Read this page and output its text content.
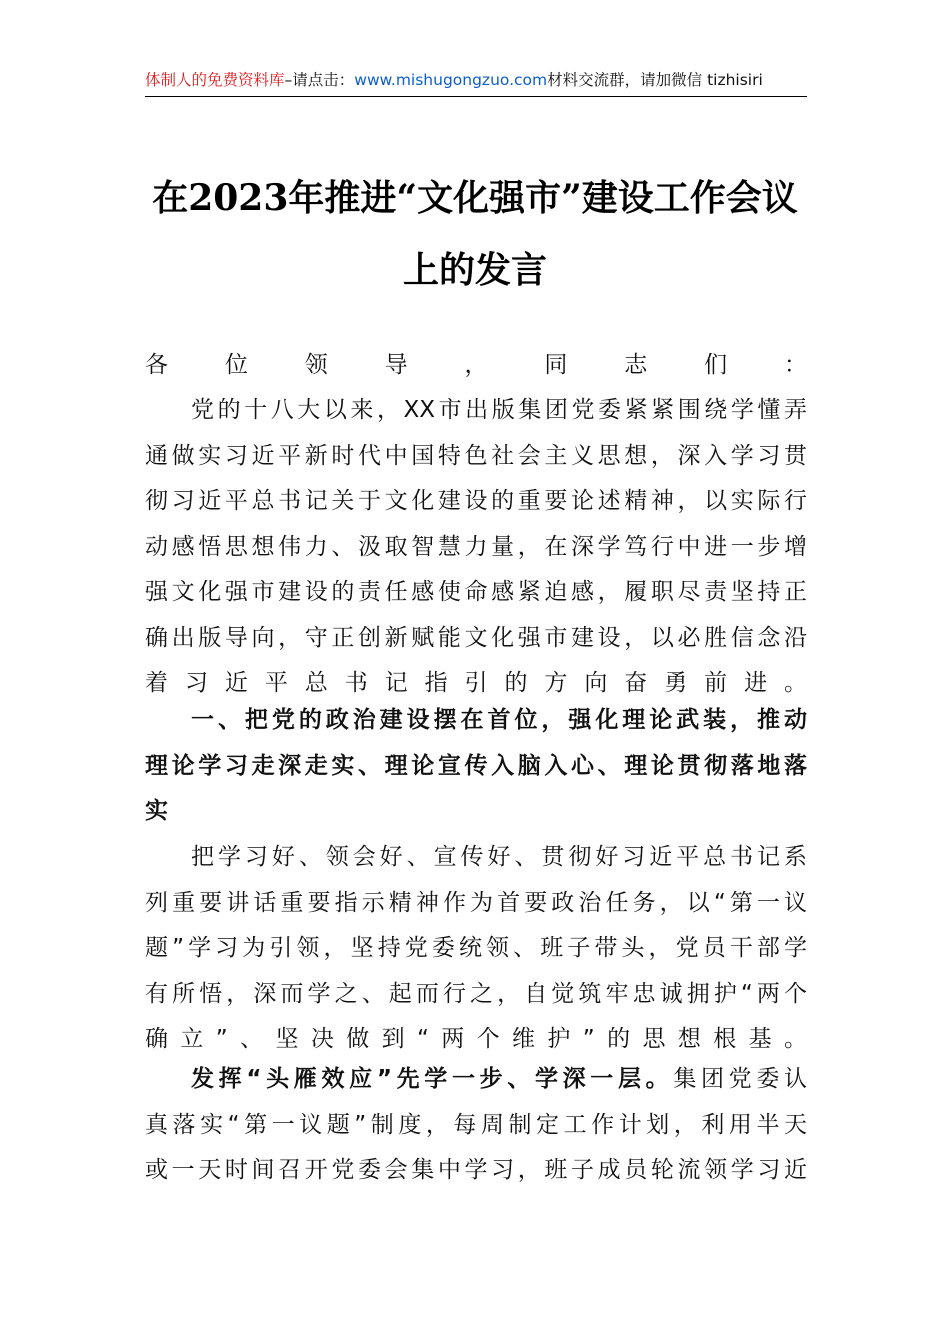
体制人的免费资料库–请点击：www.mishugongzuo.com材料交流群，请加微信 tizhisiri
在2023年推进“文化强市”建设工作会议
上的发言
各位领导，同志们：
党的十八大以来，XX市出版集团党委紧紧围绕学懂弄
通做实习近平新时代中国特色社会主义思想，深入学习贯
彻习近平总书记关于文化建设的重要论述精神，以实际行
动感悟思想伟力、汲取智慧力量，在深学笃行中进一步增
强文化强市建设的责任感使命感紧迫感，履职尽责坚持正
确出版导向，守正创新赋能文化强市建设，以必胜信念沿
着习近平总书记指引的方向奋勇前进。
一、把党的政治建设摆在首位，强化理论武装，推动
理论学习走深走实、理论宣传入脑入心、理论贯彻落地落
实
把学习好、领会好、宣传好、贯彻好习近平总书记系
列重要讲话重要指示精神作为首要政治任务，以“第一议
题”学习为引领，坚持党委统领、班子带头，党员干部学
有所悟，深而学之、起而行之，自觉筑牢忠诚拥护“两个
确立”、坚决做到“两个维护”的思想根基。
发挥“头雁效应”先学一步、学深一层。集团党委认
真落实“第一议题”制度，每周制定工作计划，利用半天
或一天时间召开党委会集中学习，班子成员轮流领学习近
